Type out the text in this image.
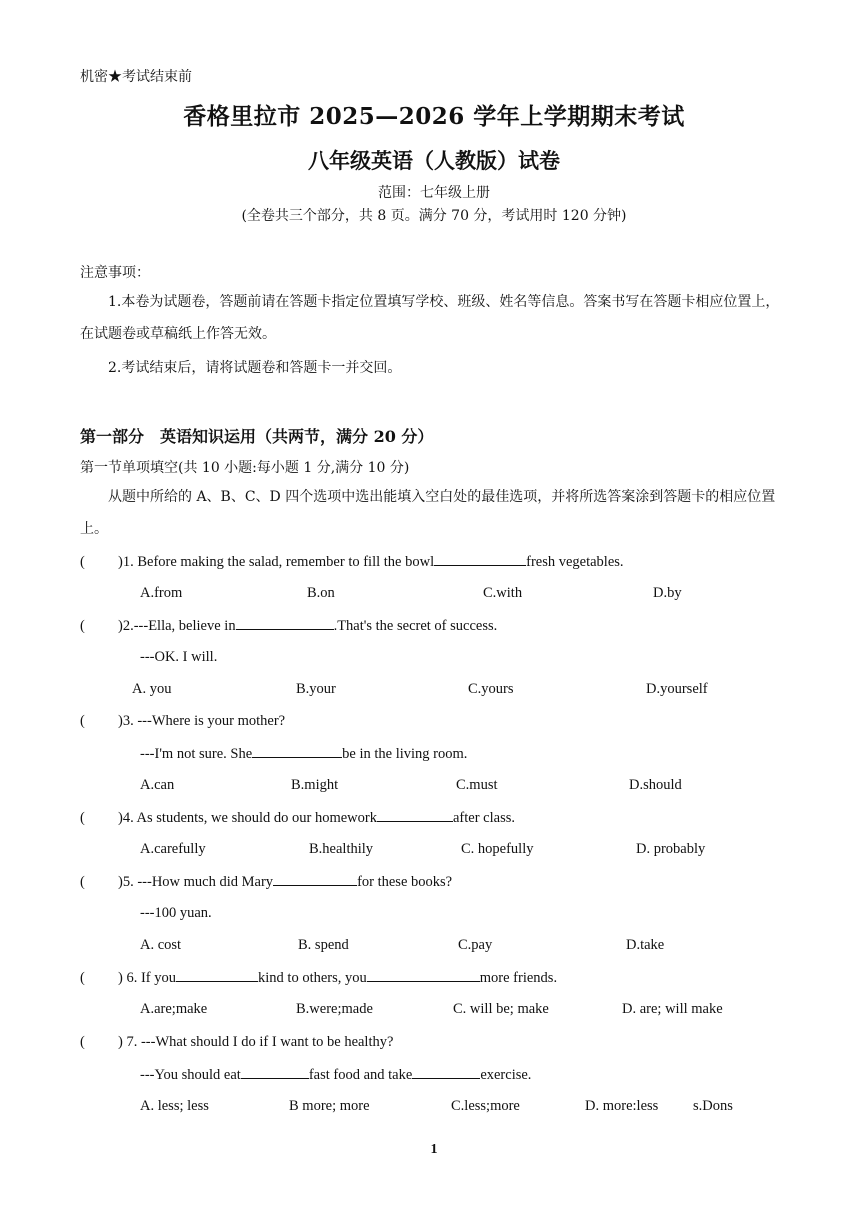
机密★考试结束前
香格里拉市 2025—2026 学年上学期期末考试
八年级英语（人教版）试卷
范围：七年级上册
(全卷共三个部分，共 8 页。满分 70 分，考试用时 120 分钟)
注意事项：
1.本卷为试题卷，答题前请在答题卡指定位置填写学校、班级、姓名等信息。答案书写在答题卡相应位置上，在试题卷或草稿纸上作答无效。
2.考试结束后，请将试题卷和答题卡一并交回。
第一部分　英语知识运用（共两节，满分 20 分）
第一节单项填空(共 10 小题:每小题 1 分,满分 10 分)
从题中所给的 A、B、C、D 四个选项中选出能填入空白处的最佳选项，并将所选答案涂到答题卡的相应位置上。
( )1. Before making the salad, remember to fill the bowl	fresh vegetables.
A.from	B.on	C.with	D.by
( )2.---Ella, believe in	.That's the secret of success.
---OK. I will.
A. you	B.your	C.yours	D.yourself
( )3. ---Where is your mother?
---I'm not sure. She	be in the living room.
A.can	B.might	C.must	D.should
( )4. As students, we should do our homework	after class.
A.carefully	B.healthily	C. hopefully	D. probably
( )5. ---How much did Mary	for these books?
---100 yuan.
A. cost	B. spend	C.pay	D.take
( ) 6. If you	kind to others, you	more friends.
A.are;make	B.were;made	C. will be; make	D. are; will make
( ) 7. ---What should I do if I want to be healthy?
---You should eat	fast food and take	exercise.
A. less; less	B more; more	C.less;more	D. more:less s.Dons
1
